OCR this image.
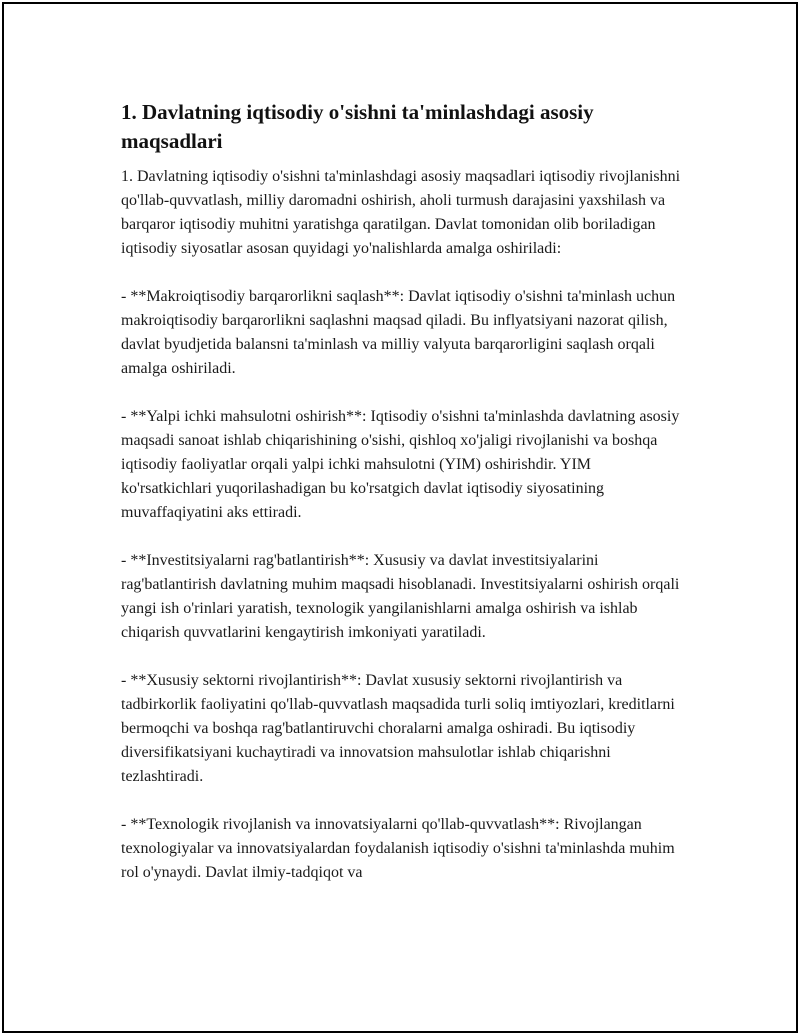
1. Davlatning iqtisodiy o'sishni ta'minlashdagi asosiy maqsadlari

1. Davlatning iqtisodiy o'sishni ta'minlashdagi asosiy maqsadlari iqtisodiy rivojlanishni qo'llab-quvvatlash, milliy daromadni oshirish, aholi turmush darajasini yaxshilash va barqaror iqtisodiy muhitni yaratishga qaratilgan. Davlat tomonidan olib boriladigan iqtisodiy siyosatlar asosan quyidagi yo'nalishlarda amalga oshiriladi:

- **Makroiqtisodiy barqarorlikni saqlash**: Davlat iqtisodiy o'sishni ta'minlash uchun makroiqtisodiy barqarorlikni saqlashni maqsad qiladi. Bu inflyatsiyani nazorat qilish, davlat byudjetida balansni ta'minlash va milliy valyuta barqarorligini saqlash orqali amalga oshiriladi.

- **Yalpi ichki mahsulotni oshirish**: Iqtisodiy o'sishni ta'minlashda davlatning asosiy maqsadi sanoat ishlab chiqarishining o'sishi, qishloq xo'jaligi rivojlanishi va boshqa iqtisodiy faoliyatlar orqali yalpi ichki mahsulotni (YIM) oshirishdir. YIM ko'rsatkichlari yuqorilashadigan bu ko'rsatgich davlat iqtisodiy siyosatining muvaffaqiyatini aks ettiradi.

- **Investitsiyalarni rag'batlantirish**: Xususiy va davlat investitsiyalarini rag'batlantirish davlatning muhim maqsadi hisoblanadi. Investitsiyalarni oshirish orqali yangi ish o'rinlari yaratish, texnologik yangilanishlarni amalga oshirish va ishlab chiqarish quvvatlarini kengaytirish imkoniyati yaratiladi.

- **Xususiy sektorni rivojlantirish**: Davlat xususiy sektorni rivojlantirish va tadbirkorlik faoliyatini qo'llab-quvvatlash maqsadida turli soliq imtiyozlari, kreditlarni bermoqchi va boshqa rag'batlantiruvchi choralarni amalga oshiradi. Bu iqtisodiy diversifikatsiyani kuchaytiradi va innovatsion mahsulotlar ishlab chiqarishni tezlashtiradi.

- **Texnologik rivojlanish va innovatsiyalarni qo'llab-quvvatlash**: Rivojlangan texnologiyalar va innovatsiyalardan foydalanish iqtisodiy o'sishni ta'minlashda muhim rol o'ynaydi. Davlat ilmiy-tadqiqot va
